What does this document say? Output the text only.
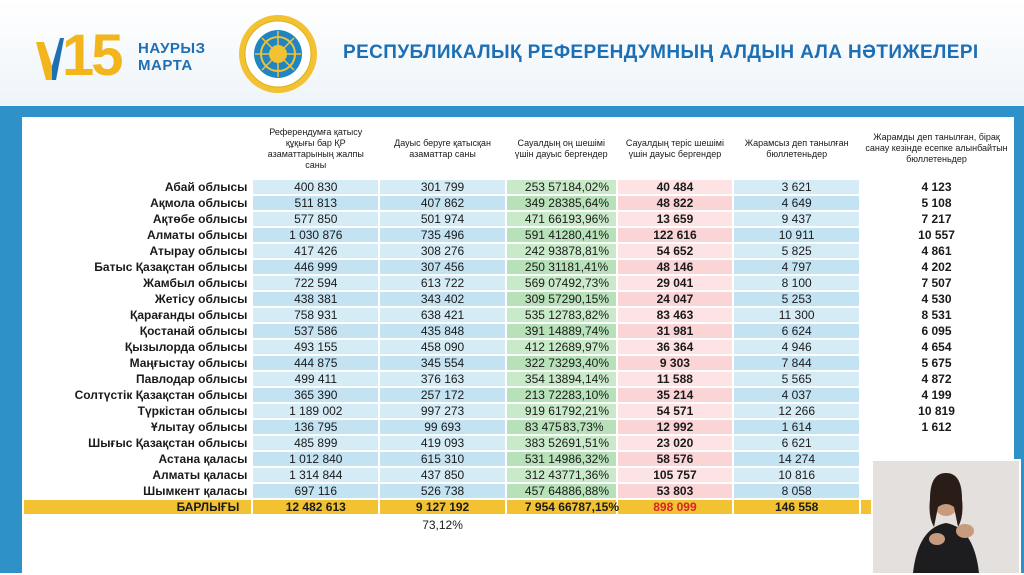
15 НАУРЫЗ
МАРТА
РЕСПУБЛИКАЛЫҚ РЕФЕРЕНДУМНЫҢ АЛДЫН АЛА НӘТИЖЕЛЕРІ
	Референдумға қатысу құқығы бар ҚР азаматтарының жалпы саны	Дауыс беруге қатысқан азаматтар саны	Сауалдың оң шешімі үшін дауыс бергендер	Сауалдың теріс шешімі үшін дауыс бергендер	Жарамсыз деп танылған бюллетеньдер	Жарамды деп танылған, бірақ санау кезінде есепке алынбайтын бюллетеньдер
Абай облысы	400 830	301 799	253 571 84,02%	40 484	3 621	4 123
Ақмола облысы	511 813	407 862	349 283 85,64%	48 822	4 649	5 108
Ақтөбе облысы	577 850	501 974	471 661 93,96%	13 659	9 437	7 217
Алматы облысы	1 030 876	735 496	591 412 80,41%	122 616	10 911	10 557
Атырау облысы	417 426	308 276	242 938 78,81%	54 652	5 825	4 861
Батыс Қазақстан облысы	446 999	307 456	250 311 81,41%	48 146	4 797	4 202
Жамбыл облысы	722 594	613 722	569 074 92,73%	29 041	8 100	7 507
Жетісу облысы	438 381	343 402	309 572 90,15%	24 047	5 253	4 530
Қарағанды облысы	758 931	638 421	535 127 83,82%	83 463	11 300	8 531
Қостанай облысы	537 586	435 848	391 148 89,74%	31 981	6 624	6 095
Қызылорда облысы	493 155	458 090	412 126 89,97%	36 364	4 946	4 654
Маңғыстау облысы	444 875	345 554	322 732 93,40%	9 303	7 844	5 675
Павлодар облысы	499 411	376 163	354 138 94,14%	11 588	5 565	4 872
Солтүстік Қазақстан облысы	365 390	257 172	213 722 83,10%	35 214	4 037	4 199
Түркістан облысы	1 189 002	997 273	919 617 92,21%	54 571	12 266	10 819
Ұлытау облысы	136 795	99 693	83 475 83,73%	12 992	1 614	1 612
Шығыс Қазақстан облысы	485 899	419 093	383 526 91,51%	23 020	6 621	
Астана қаласы	1 012 840	615 310	531 149 86,32%	58 576	14 274	
Алматы қаласы	1 314 844	437 850	312 437 71,36%	105 757	10 816	
Шымкент қаласы	697 116	526 738	457 648 86,88%	53 803	8 058	
БАРЛЫҒЫ	12 482 613	9 127 192	7 954 667 87,15%	898 099	146 558	
		73,12%				
